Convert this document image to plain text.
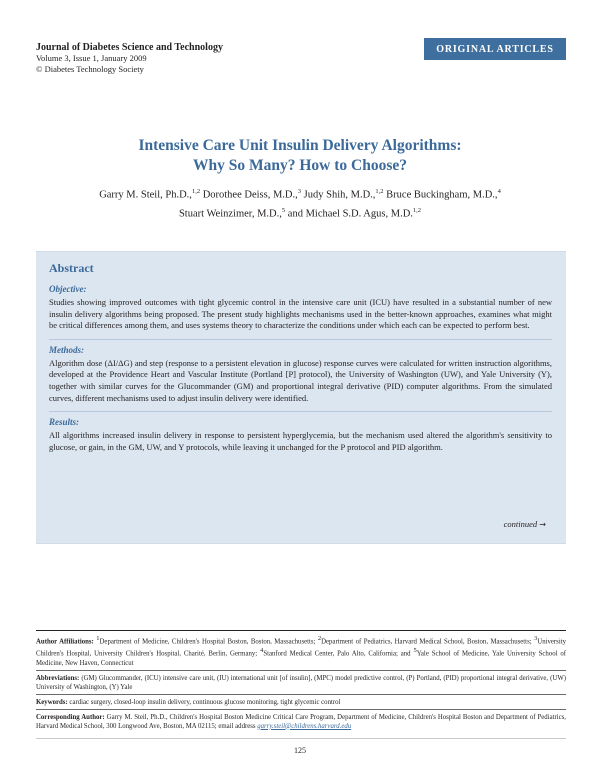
Journal of Diabetes Science and Technology
Volume 3, Issue 1, January 2009
© Diabetes Technology Society
ORIGINAL ARTICLES
Intensive Care Unit Insulin Delivery Algorithms:
Why So Many? How to Choose?
Garry M. Steil, Ph.D.,$^{1,2}$ Dorothee Deiss, M.D.,$^3$ Judy Shih, M.D.,$^{1,2}$ Bruce Buckingham, M.D.,$^4$
Stuart Weinzimer, M.D.,$^5$ and Michael S.D. Agus, M.D.$^{1,2}$
Abstract
Objective:

Studies showing improved outcomes with tight glycemic control in the intensive care unit (ICU) have resulted in a substantial number of new insulin delivery algorithms being proposed. The present study highlights mechanisms used in the better-known approaches, examines what might be critical differences among them, and uses systems theory to characterize the conditions under which each can be expected to perform best.

Methods:

Algorithm dose (ΔI/ΔG) and step (response to a persistent elevation in glucose) response curves were calculated for written instruction algorithms, developed at the Providence Heart and Vascular Institute (Portland [P] protocol), the University of Washington (UW), and Yale University (Y), together with similar curves for the Glucommander (GM) and proportional integral derivative (PID) computer algorithms. From the simulated curves, different mechanisms used to adjust insulin delivery were identified.

Results:

All algorithms increased insulin delivery in response to persistent hyperglycemia, but the mechanism used altered the algorithm's sensitivity to glucose, or gain, in the GM, UW, and Y protocols, while leaving it unchanged for the P protocol and PID algorithm.

continued →
Author Affiliations: $^1$Department of Medicine, Children's Hospital Boston, Boston, Massachusetts; $^2$Department of Pediatrics, Harvard Medical School, Boston, Massachusetts; $^3$University Children's Hospital, University Children's Hospital, Charité, Berlin, Germany; $^4$Stanford Medical Center, Palo Alto, California; and $^5$Yale School of Medicine, Yale University School of Medicine, New Haven, Connecticut
Abbreviations: (GM) Glucommander, (ICU) intensive care unit, (IU) international unit [of insulin], (MPC) model predictive control, (P) Portland, (PID) proportional integral derivative, (UW) University of Washington, (Y) Yale
Keywords: cardiac surgery, closed-loop insulin delivery, continuous glucose monitoring, tight glycemic control
Corresponding Author: Garry M. Steil, Ph.D., Children's Hospital Boston Medicine Critical Care Program, Department of Medicine, Children's Hospital Boston and Department of Pediatrics, Harvard Medical School, 300 Longwood Ave, Boston, MA 02115; email address garry.steil@childrens.harvard.edu
125
